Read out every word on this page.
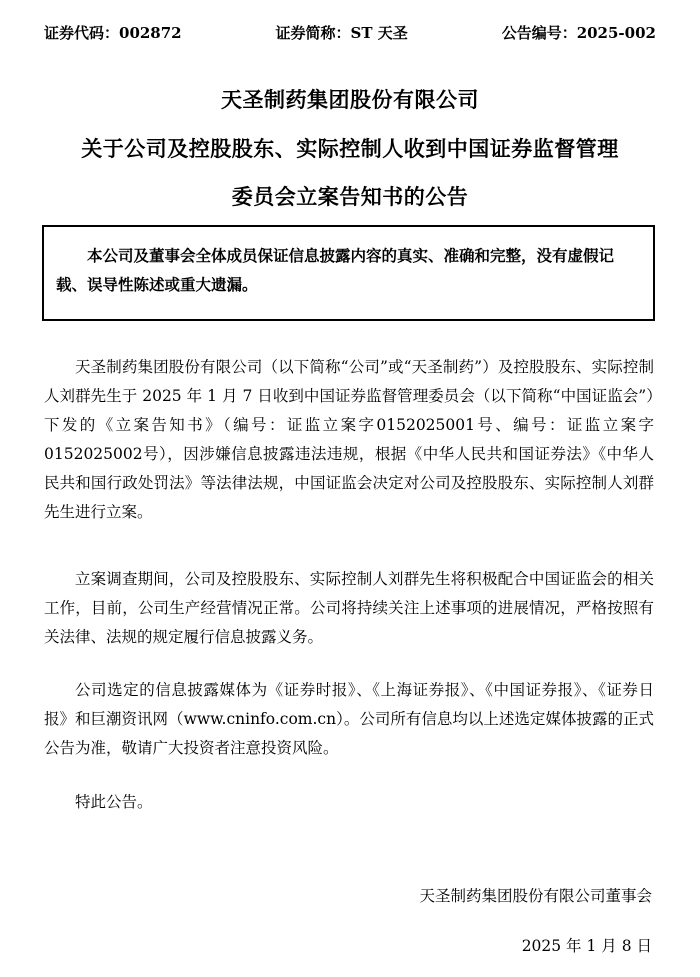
证券代码：002872	证券简称：ST 天圣	公告编号：2025-002
天圣制药集团股份有限公司
关于公司及控股股东、实际控制人收到中国证券监督管理
委员会立案告知书的公告
本公司及董事会全体成员保证信息披露内容的真实、准确和完整，没有虚假记载、误导性陈述或重大遗漏。
天圣制药集团股份有限公司（以下简称“公司”或“天圣制药”）及控股股东、实际控制人刘群先生于 2025 年 1 月 7 日收到中国证券监督管理委员会（以下简称“中国证监会”）下发的《立案告知书》（编号：证监立案字0152025001号、编号：证监立案字0152025002号），因涉嫌信息披露违法违规，根据《中华人民共和国证券法》《中华人民共和国行政处罚法》等法律法规，中国证监会决定对公司及控股股东、实际控制人刘群先生进行立案。
立案调查期间，公司及控股股东、实际控制人刘群先生将积极配合中国证监会的相关工作，目前，公司生产经营情况正常。公司将持续关注上述事项的进展情况，严格按照有关法律、法规的规定履行信息披露义务。
公司选定的信息披露媒体为《证券时报》、《上海证券报》、《中国证券报》、《证券日报》和巨潮资讯网（www.cninfo.com.cn）。公司所有信息均以上述选定媒体披露的正式公告为准，敬请广大投资者注意投资风险。
特此公告。
天圣制药集团股份有限公司董事会
2025 年 1 月 8 日
